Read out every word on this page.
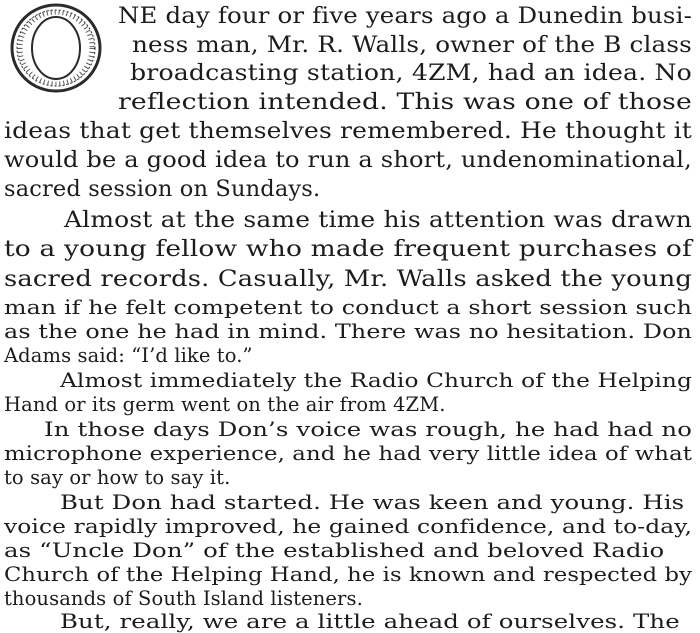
NE day four or five years ago a Dunedin busi-
ness man, Mr. R. Walls, owner of the B class
broadcasting station, 4ZM, had an idea. No
reflection intended. This was one of those
ideas that get themselves remembered. He thought it
would be a good idea to run a short, undenominational,
sacred session on Sundays.
Almost at the same time his attention was drawn
to a young fellow who made frequent purchases of
sacred records. Casually, Mr. Walls asked the young
man if he felt competent to conduct a short session such
as the one he had in mind. There was no hesitation. Don
Adams said: “I’d like to.”
Almost immediately the Radio Church of the Helping
Hand or its germ went on the air from 4ZM.
In those days Don’s voice was rough, he had had no
microphone experience, and he had very little idea of what
to say or how to say it.
But Don had started. He was keen and young. His
voice rapidly improved, he gained confidence, and to-day,
as “Uncle Don” of the established and beloved Radio
Church of the Helping Hand, he is known and respected by
thousands of South Island listeners.
But, really, we are a little ahead of ourselves. The
